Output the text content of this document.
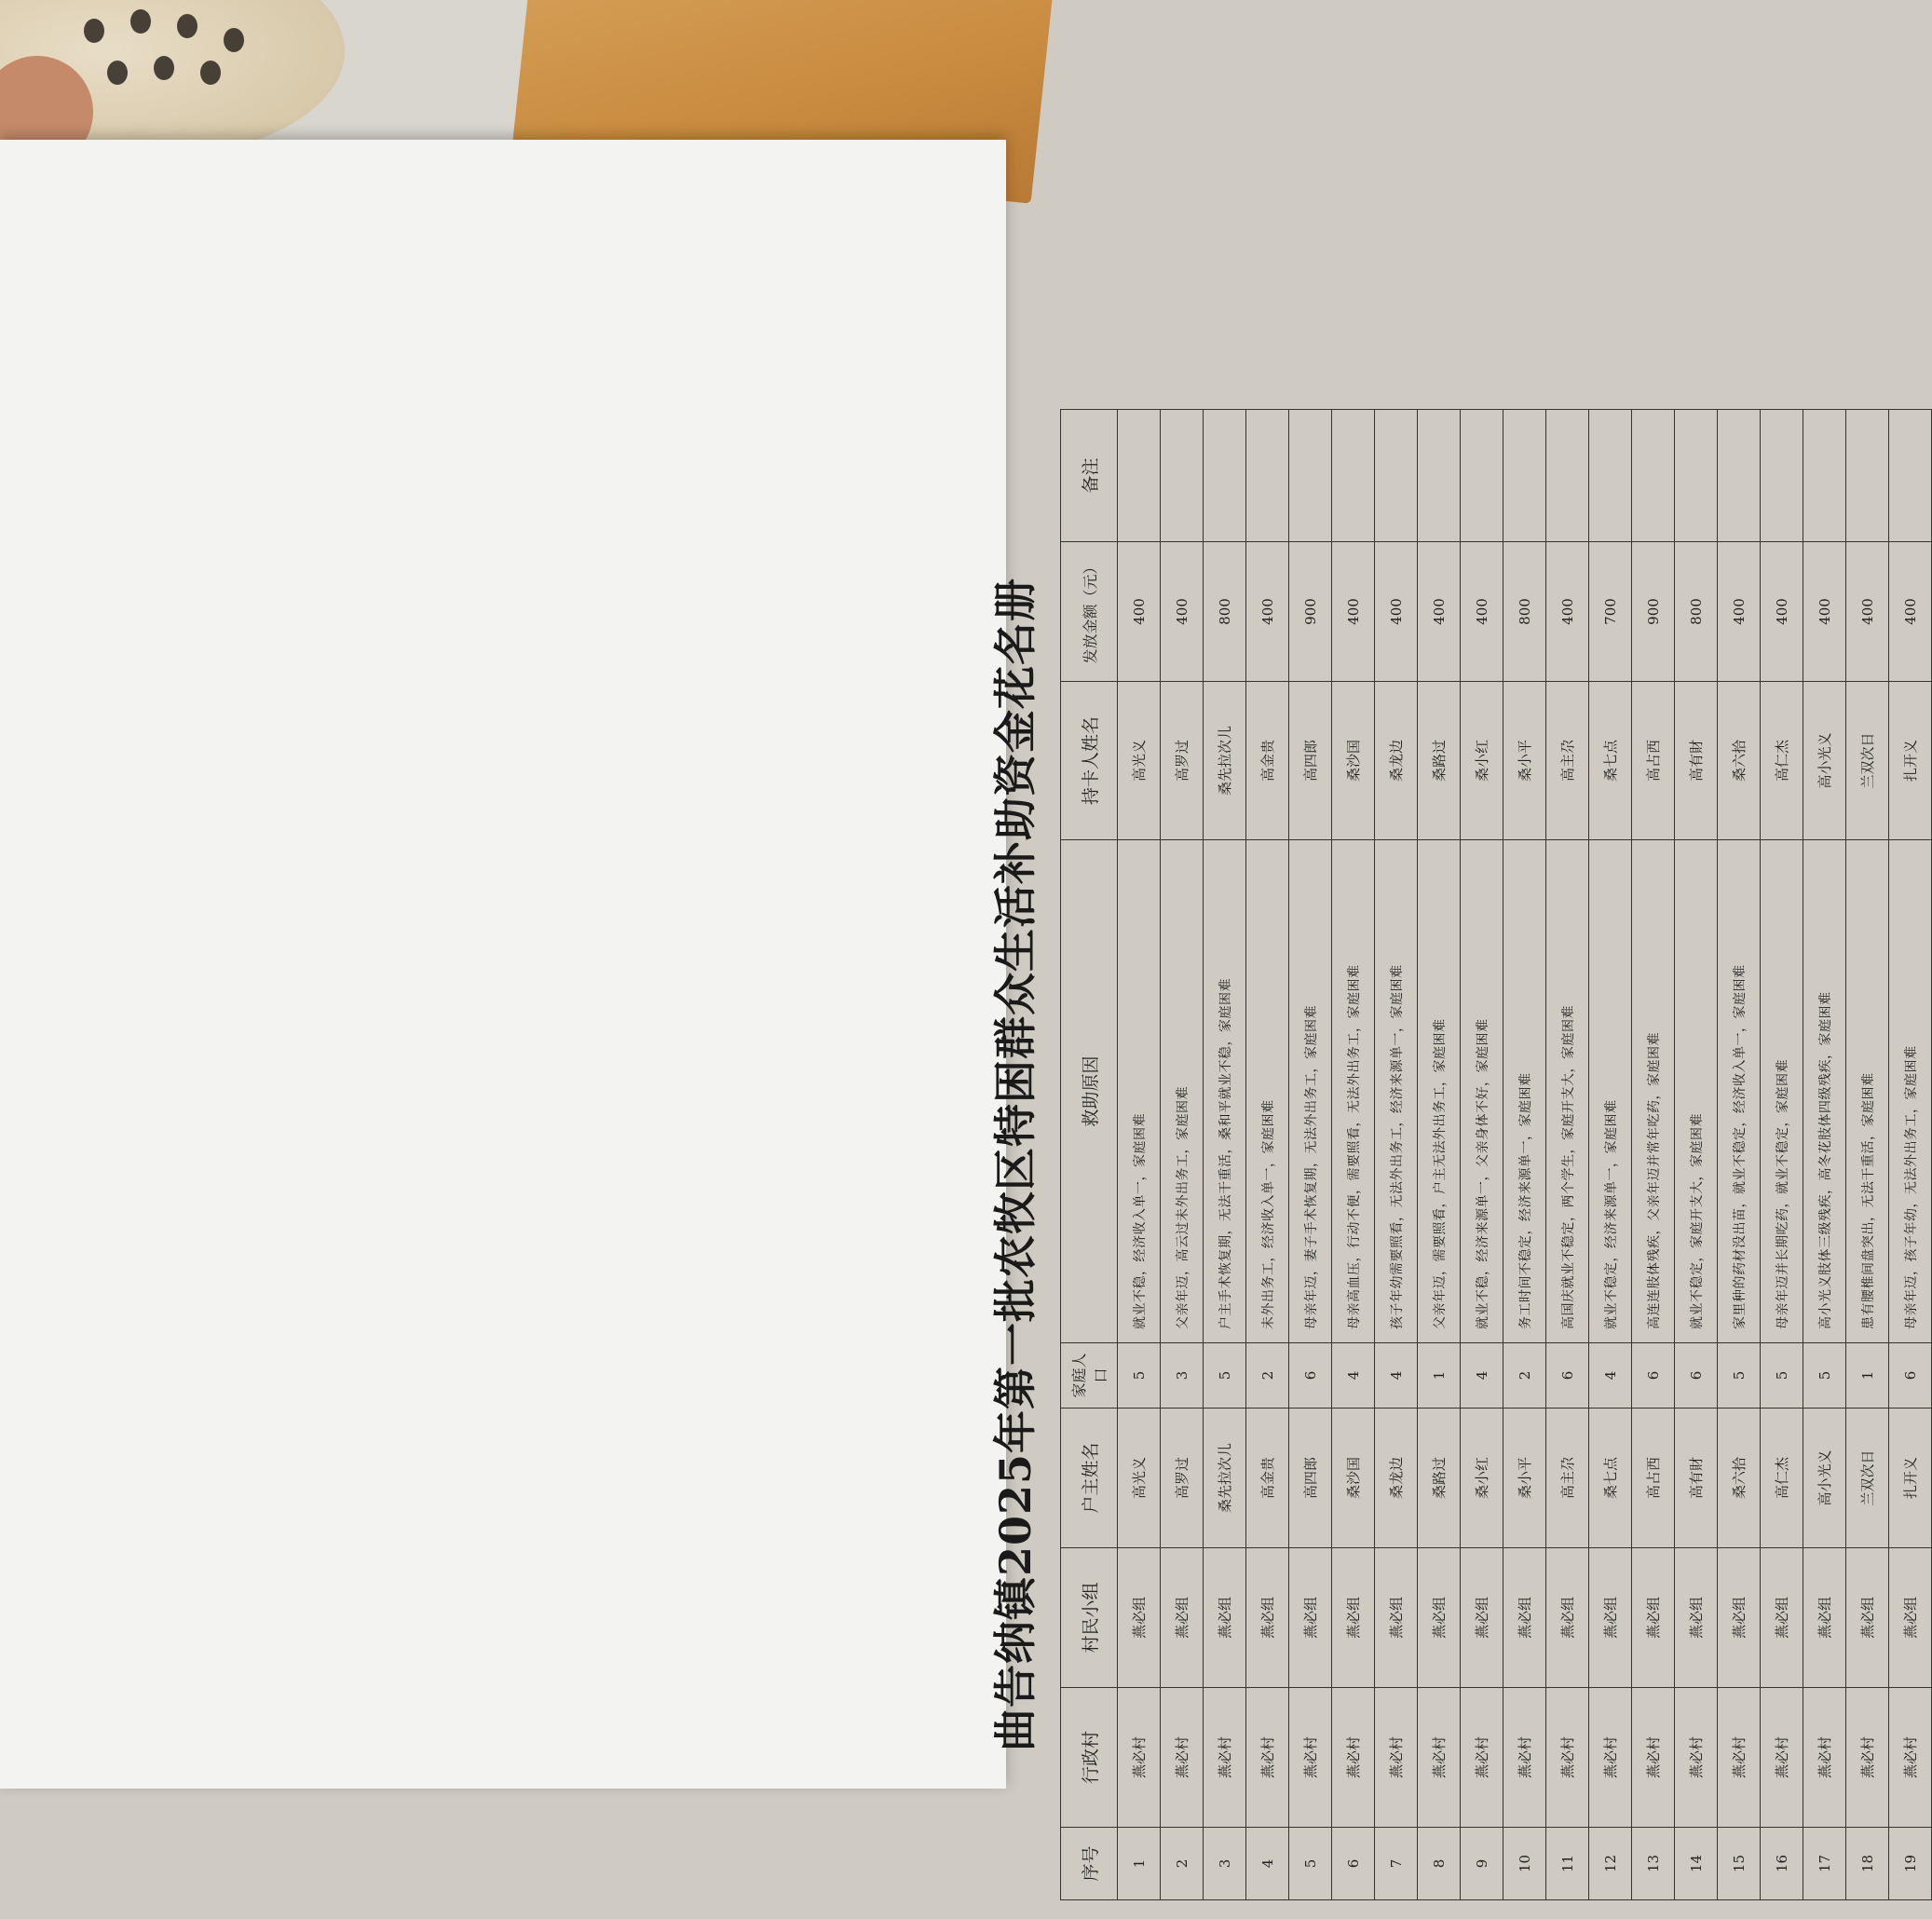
曲告纳镇2025年第一批农牧区特困群众生活补助资金花名册
序号	行政村	村民小组	户主姓名	家庭人口	救助原因	持卡人姓名	发放金额（元）	备注
1	燕必村	燕必组	高光义	5	就业不稳，经济收入单一，家庭困难	高光义	400	
2	燕必村	燕必组	高罗过	3	父亲年迈，高云过未外出务工，家庭困难	高罗过	400	
3	燕必村	燕必组	桑先拉次儿	5	户主手术恢复期，无法干重活，桑和平就业不稳，家庭困难	桑先拉次儿	800	
4	燕必村	燕必组	高金贵	2	未外出务工，经济收入单一，家庭困难	高金贵	400	
5	燕必村	燕必组	高四郎	6	母亲年迈，妻子手术恢复期，无法外出务工，家庭困难	高四郎	900	
6	燕必村	燕必组	桑沙国	4	母亲高血压，行动不便，需要照看，无法外出务工，家庭困难	桑沙国	400	
7	燕必村	燕必组	桑龙边	4	孩子年幼需要照看，无法外出务工，经济来源单一，家庭困难	桑龙边	400	
8	燕必村	燕必组	桑路过	1	父亲年迈，需要照看，户主无法外出务工，家庭困难	桑路过	400	
9	燕必村	燕必组	桑小红	4	就业不稳，经济来源单一，父亲身体不好，家庭困难	桑小红	400	
10	燕必村	燕必组	桑小平	2	务工时间不稳定，经济来源单一，家庭困难	桑小平	800	
11	燕必村	燕必组	高主尕	6	高国庆就业不稳定，两个学生，家庭开支大，家庭困难	高主尕	400	
12	燕必村	燕必组	桑七点	4	就业不稳定，经济来源单一，家庭困难	桑七点	700	
13	燕必村	燕必组	高占西	6	高连连肢体残疾，父亲年迈并常年吃药，家庭困难	高占西	900	
14	燕必村	燕必组	高有財	6	就业不稳定，家庭开支大，家庭困难	高有財	800	
15	燕必村	燕必组	桑六拾	5	家里种的药材没出苗，就业不稳定，经济收入单一，家庭困难	桑六拾	400	
16	燕必村	燕必组	高仁杰	5	母亲年迈并长期吃药，就业不稳定，家庭困难	高仁杰	400	
17	燕必村	燕必组	高小光义	5	高小光义肢体三级残疾，高冬花肢体四级残疾，家庭困难	高小光义	400	
18	燕必村	燕必组	兰双次日	1	患有腰椎间盘突出，无法干重活，家庭困难	兰双次日	400	
19	燕必村	燕必组	扎开义	6	母亲年迈，孩子年幼，无法外出务工，家庭困难	扎开义	400	
